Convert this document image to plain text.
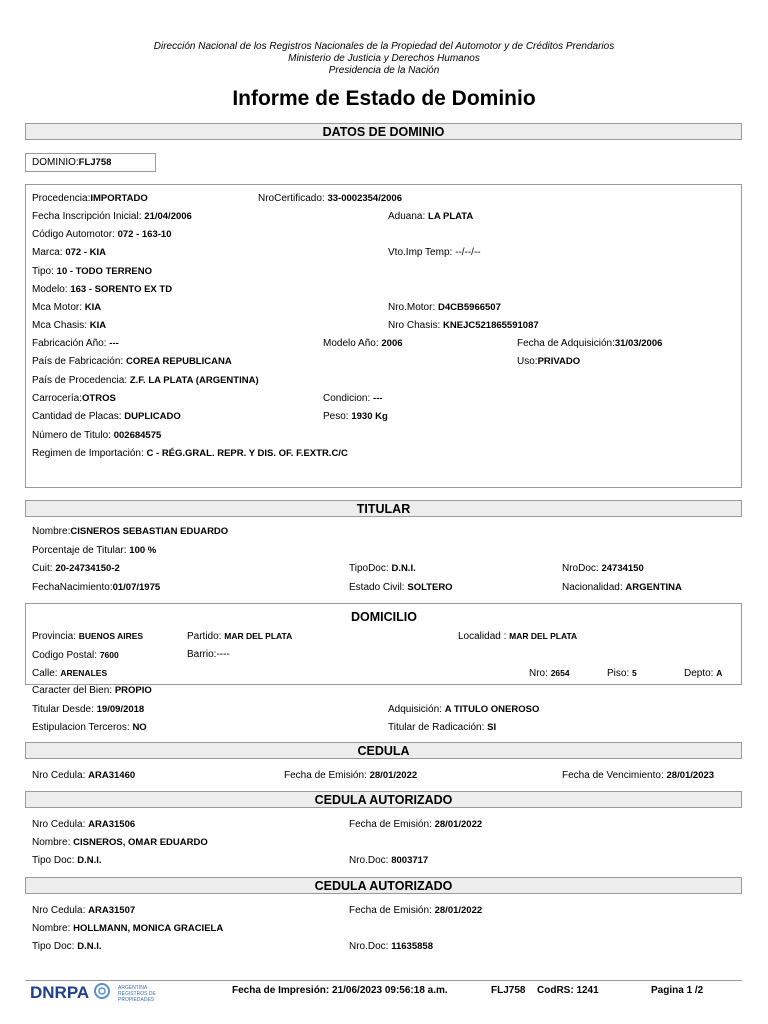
Dirección Nacional de los Registros Nacionales de la Propiedad del Automotor y de Créditos Prendarios
Ministerio de Justicia y Derechos Humanos
Presidencia de la Nación
Informe de Estado de Dominio
DATOS DE DOMINIO
DOMINIO:FLJ758
Procedencia:IMPORTADO	NroCertificado: 33-0002354/2006
Fecha Inscripción Inicial: 21/04/2006	Aduana: LA PLATA
Código Automotor: 072 - 163-10
Marca: 072 - KIA	Vto.Imp Temp: --/--/--
Tipo: 10 - TODO TERRENO
Modelo: 163 - SORENTO EX TD
Mca Motor: KIA	Nro.Motor: D4CB5966507
Mca Chasis: KIA	Nro Chasis: KNEJC521865591087
Fabricación Año: ---	Modelo Año: 2006	Fecha de Adquisición:31/03/2006
País de Fabricación: COREA REPUBLICANA	Uso:PRIVADO
País de Procedencia: Z.F. LA PLATA (ARGENTINA)
Carrocería:OTROS	Condicion: ---
Cantidad de Placas: DUPLICADO	Peso: 1930 Kg
Número de Titulo: 002684575
Regimen de Importación: C - RÉG.GRAL. REPR. Y DIS. OF. F.EXTR.C/C
TITULAR
Nombre:CISNEROS SEBASTIAN EDUARDO
Porcentaje de Titular: 100 %
Cuit: 20-24734150-2	TipoDoc: D.N.I.	NroDoc: 24734150
FechaNacimiento:01/07/1975	Estado Civil: SOLTERO	Nacionalidad: ARGENTINA
DOMICILIO
Provincia: BUENOS AIRES	Partido: MAR DEL PLATA	Localidad : MAR DEL PLATA
Codigo Postal: 7600	Barrio:----
Calle: ARENALES	Nro: 2654	Piso: 5	Depto: A
Caracter del Bien: PROPIO
Titular Desde: 19/09/2018	Adquisición: A TITULO ONEROSO
Estipulacion Terceros: NO	Titular de Radicación: SI
CEDULA
Nro Cedula: ARA31460	Fecha de Emisión: 28/01/2022	Fecha de Vencimiento: 28/01/2023
CEDULA AUTORIZADO
Nro Cedula: ARA31506	Fecha de Emisión: 28/01/2022
Nombre: CISNEROS, OMAR EDUARDO
Tipo Doc: D.N.I.	Nro.Doc: 8003717
CEDULA AUTORIZADO
Nro Cedula: ARA31507	Fecha de Emisión: 28/01/2022
Nombre: HOLLMANN, MONICA GRACIELA
Tipo Doc: D.N.I.	Nro.Doc: 11635858
DNRPA	ARGENTINA
REGISTROS DE
PROPIEDADES
Fecha de Impresión: 21/06/2023 09:56:18 a.m.	FLJ758 CodRS: 1241	Pagina 1 /2
